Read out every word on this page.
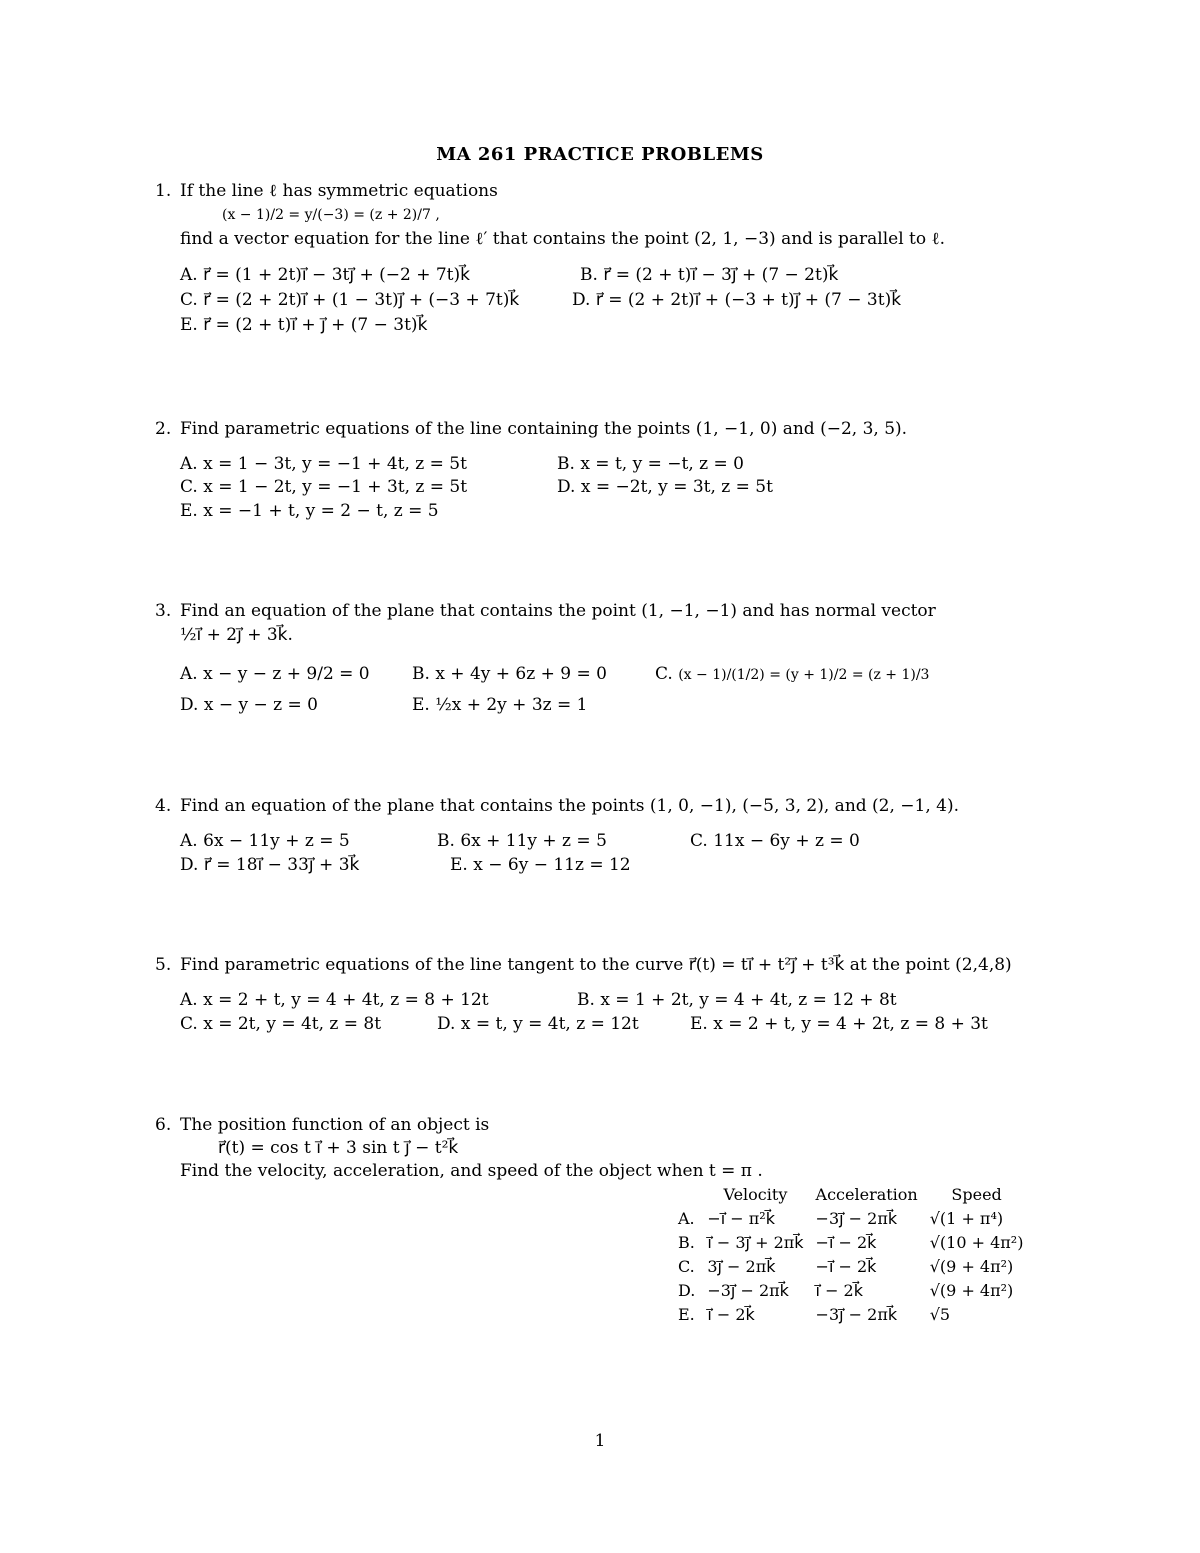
MA 261 PRACTICE PROBLEMS
1. If the line ℓ has symmetric equations
(x − 1)/2 = y/(−3) = (z + 2)/7 ,
find a vector equation for the line ℓ′ that contains the point (2, 1, −3) and is parallel to ℓ.
A. r⃗ = (1 + 2t)i⃗ − 3tj⃗ + (−2 + 7t)k⃗	B. r⃗ = (2 + t)i⃗ − 3j⃗ + (7 − 2t)k⃗
C. r⃗ = (2 + 2t)i⃗ + (1 − 3t)j⃗ + (−3 + 7t)k⃗	D. r⃗ = (2 + 2t)i⃗ + (−3 + t)j⃗ + (7 − 3t)k⃗
E. r⃗ = (2 + t)i⃗ + j⃗ + (7 − 3t)k⃗
2. Find parametric equations of the line containing the points (1, −1, 0) and (−2, 3, 5).
A. x = 1 − 3t, y = −1 + 4t, z = 5t	B. x = t, y = −t, z = 0
C. x = 1 − 2t, y = −1 + 3t, z = 5t	D. x = −2t, y = 3t, z = 5t
E. x = −1 + t, y = 2 − t, z = 5
3. Find an equation of the plane that contains the point (1, −1, −1) and has normal vector
½i⃗ + 2j⃗ + 3k⃗.
A. x − y − z + 9/2 = 0 B. x + 4y + 6z + 9 = 0	C. (x − 1)/(1/2) = (y + 1)/2 = (z + 1)/3
D. x − y − z = 0	E. ½x + 2y + 3z = 1
4. Find an equation of the plane that contains the points (1, 0, −1), (−5, 3, 2), and (2, −1, 4).
A. 6x − 11y + z = 5	B. 6x + 11y + z = 5	C. 11x − 6y + z = 0
D. r⃗ = 18i⃗ − 33j⃗ + 3k⃗	E. x − 6y − 11z = 12
5. Find parametric equations of the line tangent to the curve r⃗(t) = ti⃗ + t²j⃗ + t³k⃗ at the point (2,4,8)
A. x = 2 + t, y = 4 + 4t, z = 8 + 12t	B. x = 1 + 2t, y = 4 + 4t, z = 12 + 8t
C. x = 2t, y = 4t, z = 8t	D. x = t, y = 4t, z = 12t	E. x = 2 + t, y = 4 + 2t, z = 8 + 3t
6. The position function of an object is
r⃗(t) = cos t i⃗ + 3 sin t j⃗ − t²k⃗
Find the velocity, acceleration, and speed of the object when t = π .
	Velocity	Acceleration	Speed
A.	−i⃗ − π²k⃗	−3j⃗ − 2πk⃗	√(1 + π⁴)
B.	i⃗ − 3j⃗ + 2πk⃗	−i⃗ − 2k⃗	√(10 + 4π²)
C.	3j⃗ − 2πk⃗	−i⃗ − 2k⃗	√(9 + 4π²)
D.	−3j⃗ − 2πk⃗	i⃗ − 2k⃗	√(9 + 4π²)
E.	i⃗ − 2k⃗	−3j⃗ − 2πk⃗	√5
1
